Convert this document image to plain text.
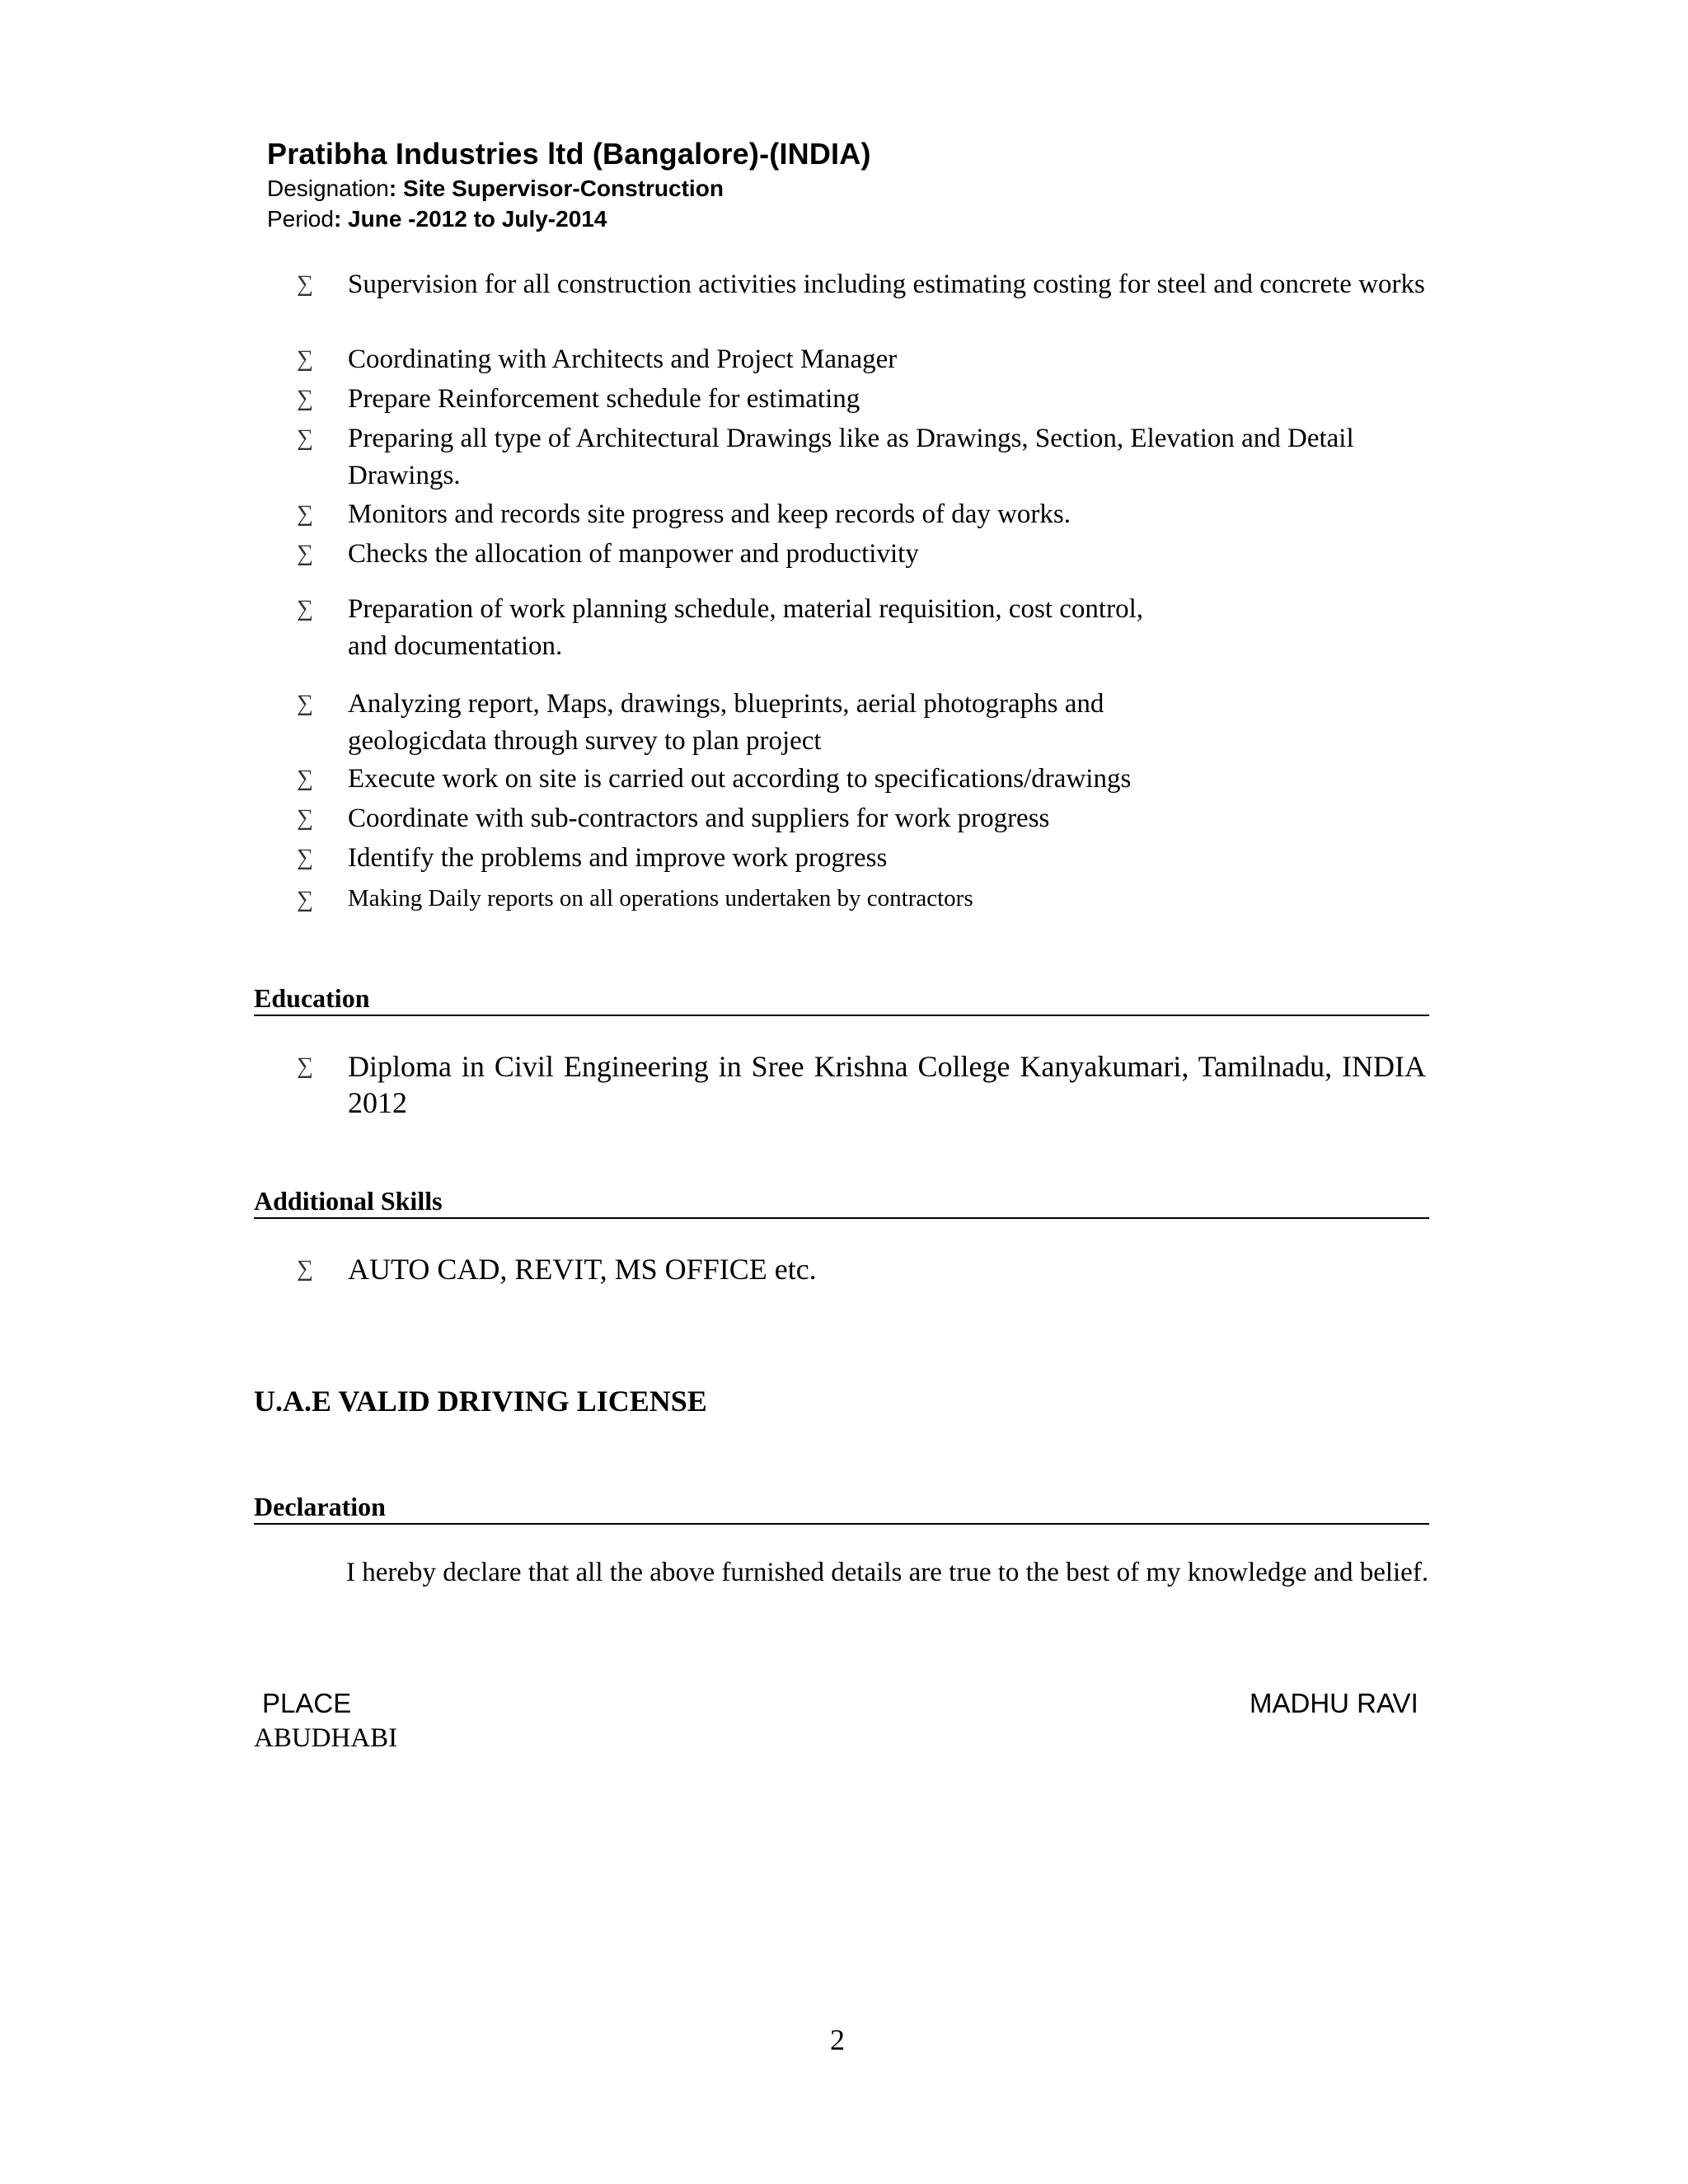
Pratibha Industries ltd (Bangalore)-(INDIA)
Designation: Site Supervisor-Construction
Period: June -2012 to July-2014
∑	Supervision for all construction activities including estimating costing for steel and concrete works
∑	Coordinating with Architects and Project Manager
∑	Prepare Reinforcement schedule for estimating
∑	Preparing all type of Architectural Drawings like as Drawings, Section, Elevation and Detail Drawings.
∑	Monitors and records site progress and keep records of day works.
∑	Checks the allocation of manpower and productivity
∑	Preparation of work planning schedule, material requisition, cost control,
and documentation.
∑	Analyzing report, Maps, drawings, blueprints, aerial photographs and
geologicdata through survey to plan project
∑	Execute work on site is carried out according to specifications/drawings
∑	Coordinate with sub-contractors and suppliers for work progress
∑	Identify the problems and improve work progress
∑	Making Daily reports on all operations undertaken by contractors
Education
∑	Diploma in Civil Engineering in Sree Krishna College Kanyakumari, Tamilnadu, INDIA 2012
Additional Skills
∑	AUTO CAD, REVIT, MS OFFICE etc.
U.A.E VALID DRIVING LICENSE
Declaration
I hereby declare that all the above furnished details are true to the best of my knowledge and belief.
PLACE
ABUDHABI
MADHU RAVI
2
